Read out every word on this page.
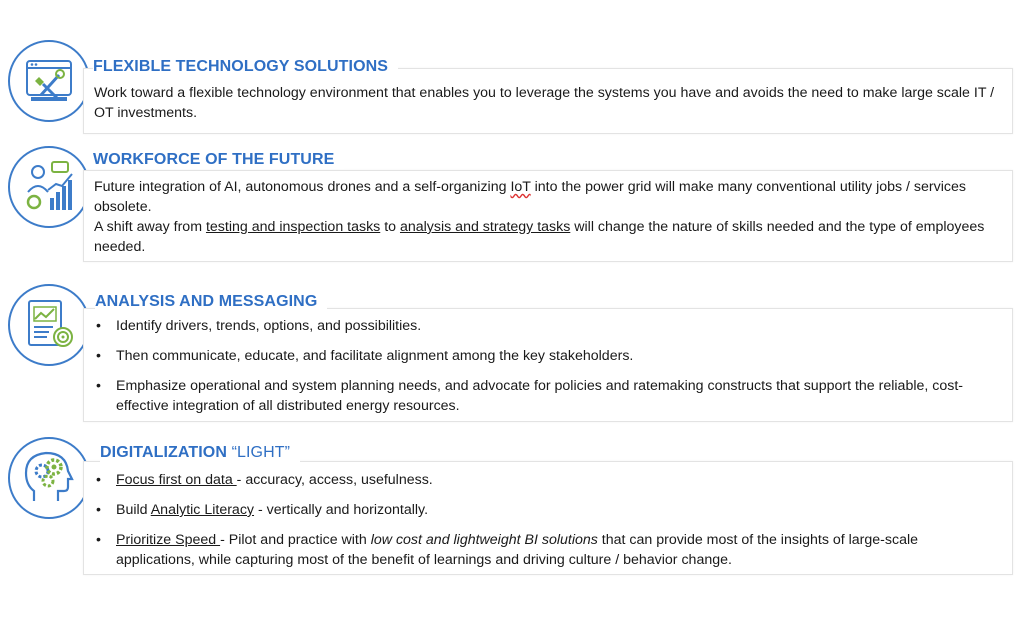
Work toward a flexible technology environment that enables you to leverage the systems you have and avoids the need to make large scale IT / OT investments.
FLEXIBLE TECHNOLOGY SOLUTIONS

Future integration of AI, autonomous drones and a self-organizing IoT into the power grid will make many conventional utility jobs / services obsolete.

A shift away from testing and inspection tasks to analysis and strategy tasks will change the nature of skills needed and the type of employees needed.

WORKFORCE OF THE FUTURE
• Identify drivers, trends, options, and possibilities.
• Then communicate, educate, and facilitate alignment among the key stakeholders.
• Emphasize operational and system planning needs, and advocate for policies and ratemaking constructs that support the reliable, cost-effective integration of all distributed energy resources.
ANALYSIS AND MESSAGING
• Focus first on data - accuracy, access, usefulness.
• Build Analytic Literacy - vertically and horizontally.
• Prioritize Speed - Pilot and practice with low cost and lightweight BI solutions that can provide most of the insights of large-scale applications, while capturing most of the benefit of learnings and driving culture / behavior change.
DIGITALIZATION “LIGHT”
